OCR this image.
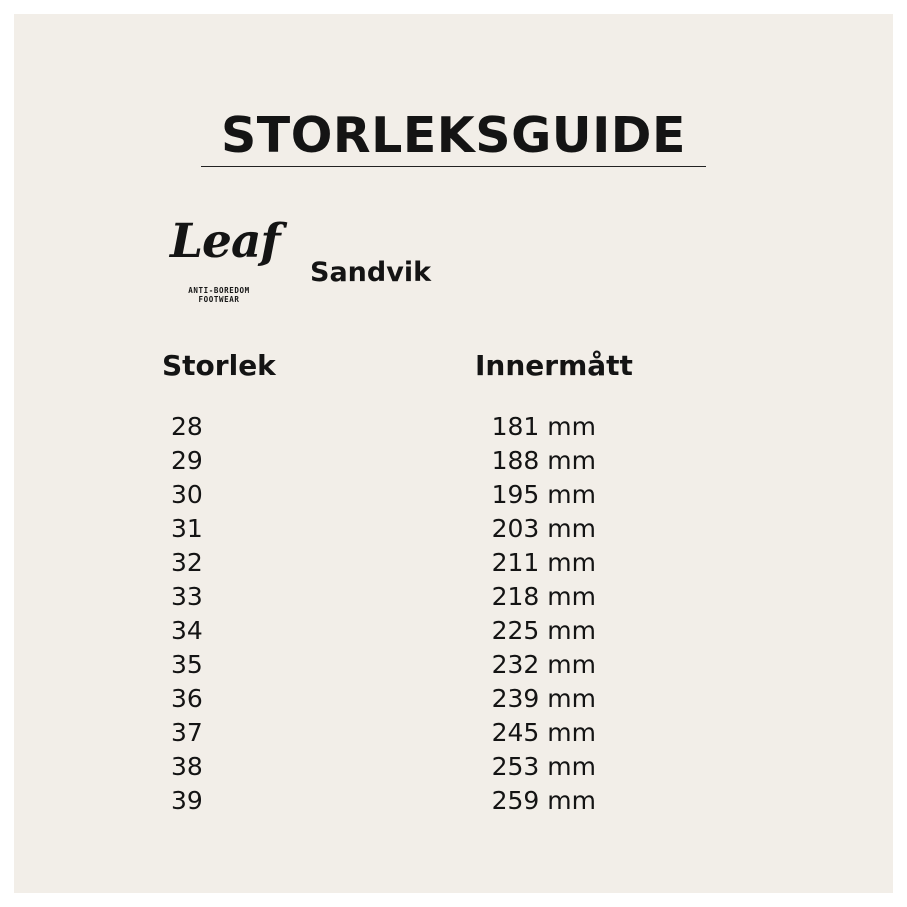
STORLEKSGUIDE
Leaf
ANTI-BOREDOM
FOOTWEAR
Sandvik
Storlek	Innermått
28	181 mm
29	188 mm
30	195 mm
31	203 mm
32	211 mm
33	218 mm
34	225 mm
35	232 mm
36	239 mm
37	245 mm
38	253 mm
39	259 mm
